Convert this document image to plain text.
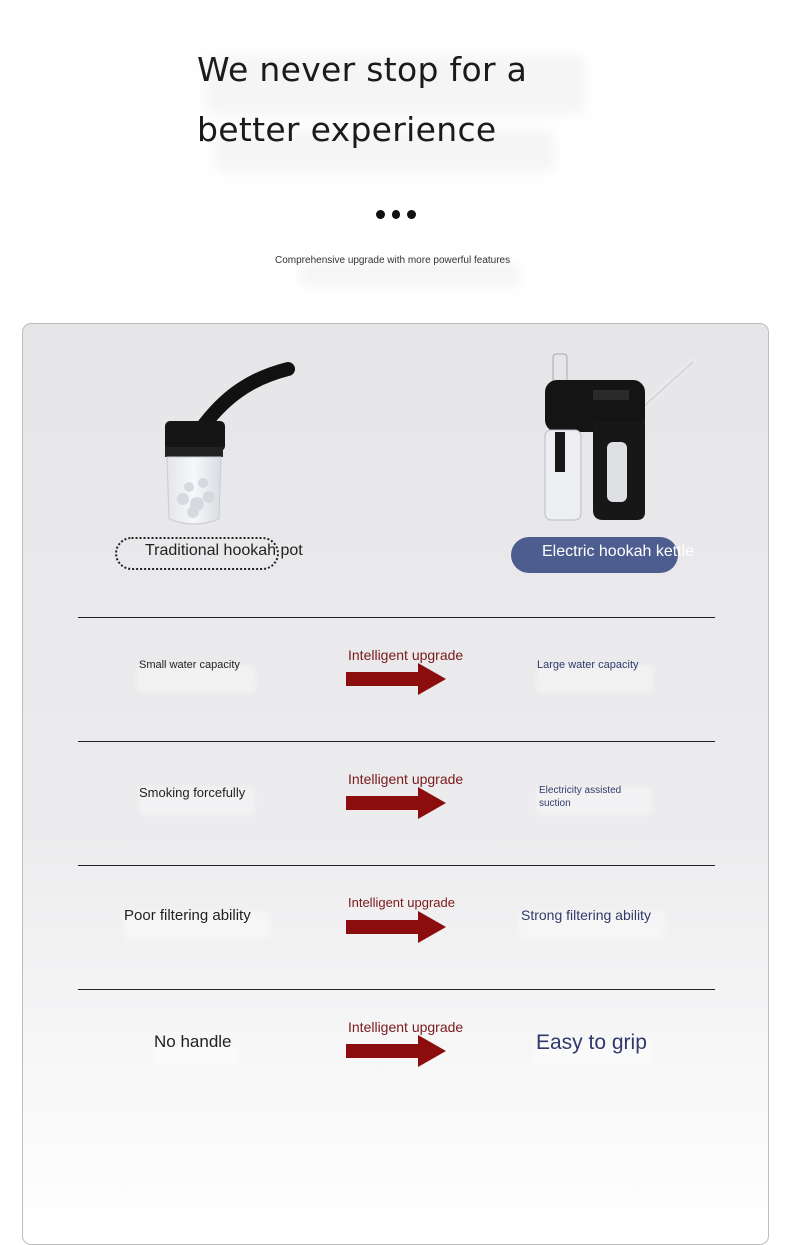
We never stop for a
better experience
Comprehensive upgrade with more powerful features
Traditional hookah pot	Electric hookah kettle
Small water capacity
Intelligent upgrade
Large water capacity
Smoking forcefully
Intelligent upgrade
Electricity assisted suction
Poor filtering ability
Intelligent upgrade
Strong filtering ability
No handle
Intelligent upgrade
Easy to grip
